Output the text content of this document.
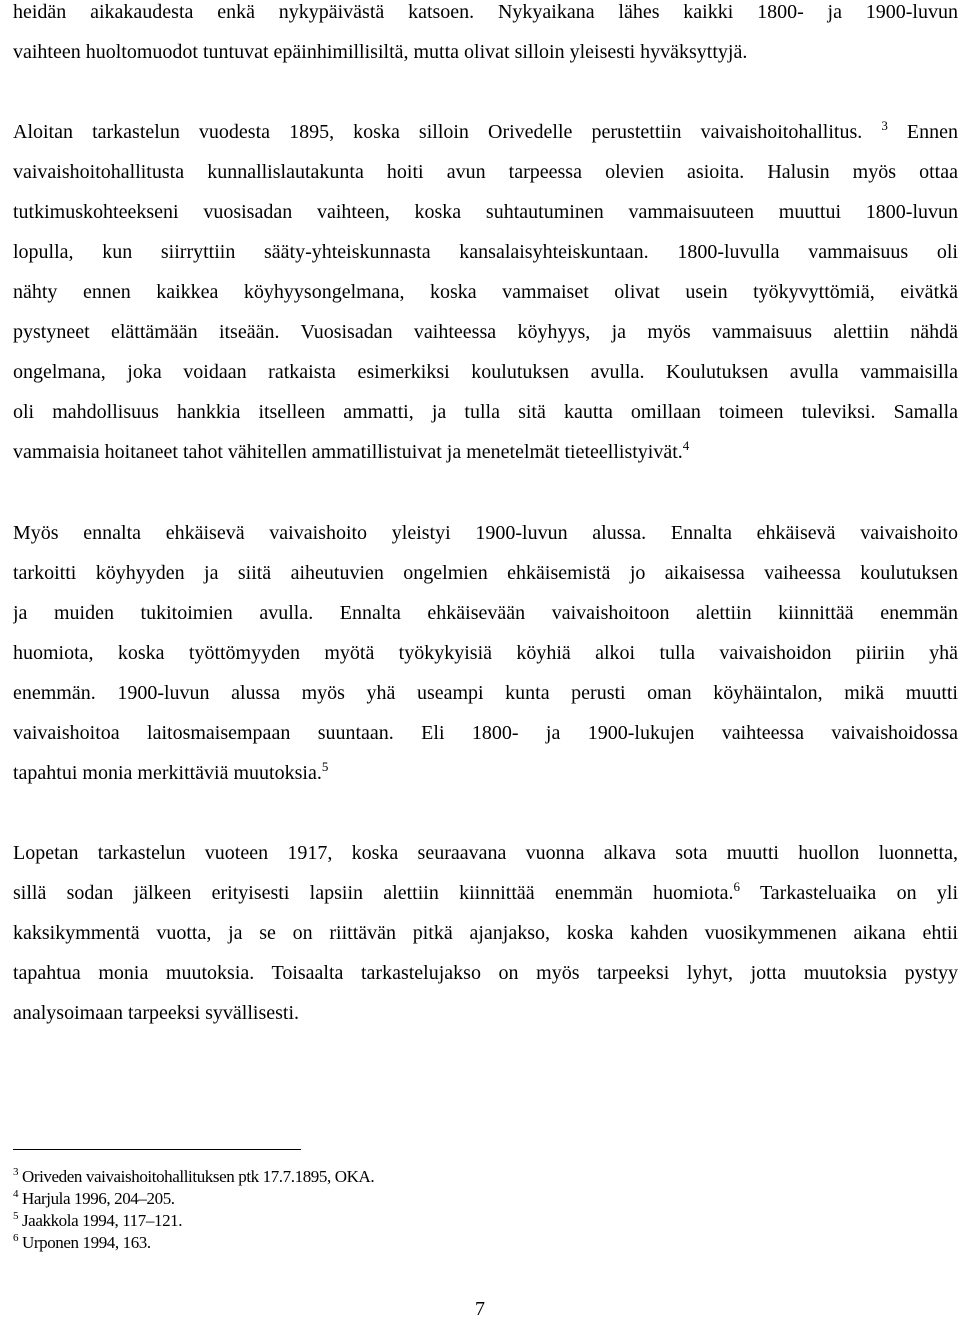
heidän aikakaudesta enkä nykypäivästä katsoen. Nykyaikana lähes kaikki 1800- ja 1900-luvun
vaihteen huoltomuodot tuntuvat epäinhimillisiltä, mutta olivat silloin yleisesti hyväksyttyjä.
Aloitan tarkastelun vuodesta 1895, koska silloin Orivedelle perustettiin vaivaishoitohallitus. $^3$ Ennen
vaivaishoitohallitusta kunnallislautakunta hoiti avun tarpeessa olevien asioita. Halusin myös ottaa
tutkimuskohteekseni vuosisadan vaihteen, koska suhtautuminen vammaisuuteen muuttui 1800-luvun
lopulla, kun siirryttiin sääty-yhteiskunnasta kansalaisyhteiskuntaan. 1800-luvulla vammaisuus oli
nähty ennen kaikkea köyhyysongelmana, koska vammaiset olivat usein työkyvyttömiä, eivätkä
pystyneet elättämään itseään. Vuosisadan vaihteessa köyhyys, ja myös vammaisuus alettiin nähdä
ongelmana, joka voidaan ratkaista esimerkiksi koulutuksen avulla. Koulutuksen avulla vammaisilla
oli mahdollisuus hankkia itselleen ammatti, ja tulla sitä kautta omillaan toimeen tuleviksi. Samalla
vammaisia hoitaneet tahot vähitellen ammatillistuivat ja menetelmät tieteellistyivät.$^4$
Myös ennalta ehkäisevä vaivaishoito yleistyi 1900-luvun alussa. Ennalta ehkäisevä vaivaishoito
tarkoitti köyhyyden ja siitä aiheutuvien ongelmien ehkäisemistä jo aikaisessa vaiheessa koulutuksen
ja muiden tukitoimien avulla. Ennalta ehkäisevään vaivaishoitoon alettiin kiinnittää enemmän
huomiota, koska työttömyyden myötä työkykyisiä köyhiä alkoi tulla vaivaishoidon piiriin yhä
enemmän. 1900-luvun alussa myös yhä useampi kunta perusti oman köyhäintalon, mikä muutti
vaivaishoitoa laitosmaisempaan suuntaan. Eli 1800- ja 1900-lukujen vaihteessa vaivaishoidossa
tapahtui monia merkittäviä muutoksia.$^5$
Lopetan tarkastelun vuoteen 1917, koska seuraavana vuonna alkava sota muutti huollon luonnetta,
sillä sodan jälkeen erityisesti lapsiin alettiin kiinnittää enemmän huomiota.$^6$ Tarkasteluaika on yli
kaksikymmentä vuotta, ja se on riittävän pitkä ajanjakso, koska kahden vuosikymmenen aikana ehtii
tapahtua monia muutoksia. Toisaalta tarkastelujakso on myös tarpeeksi lyhyt, jotta muutoksia pystyy
analysoimaan tarpeeksi syvällisesti.
$^3$ Oriveden vaivaishoitohallituksen ptk 17.7.1895, OKA.
$^4$ Harjula 1996, 204–205.
$^5$ Jaakkola 1994, 117–121.
$^6$ Urponen 1994, 163.
7
